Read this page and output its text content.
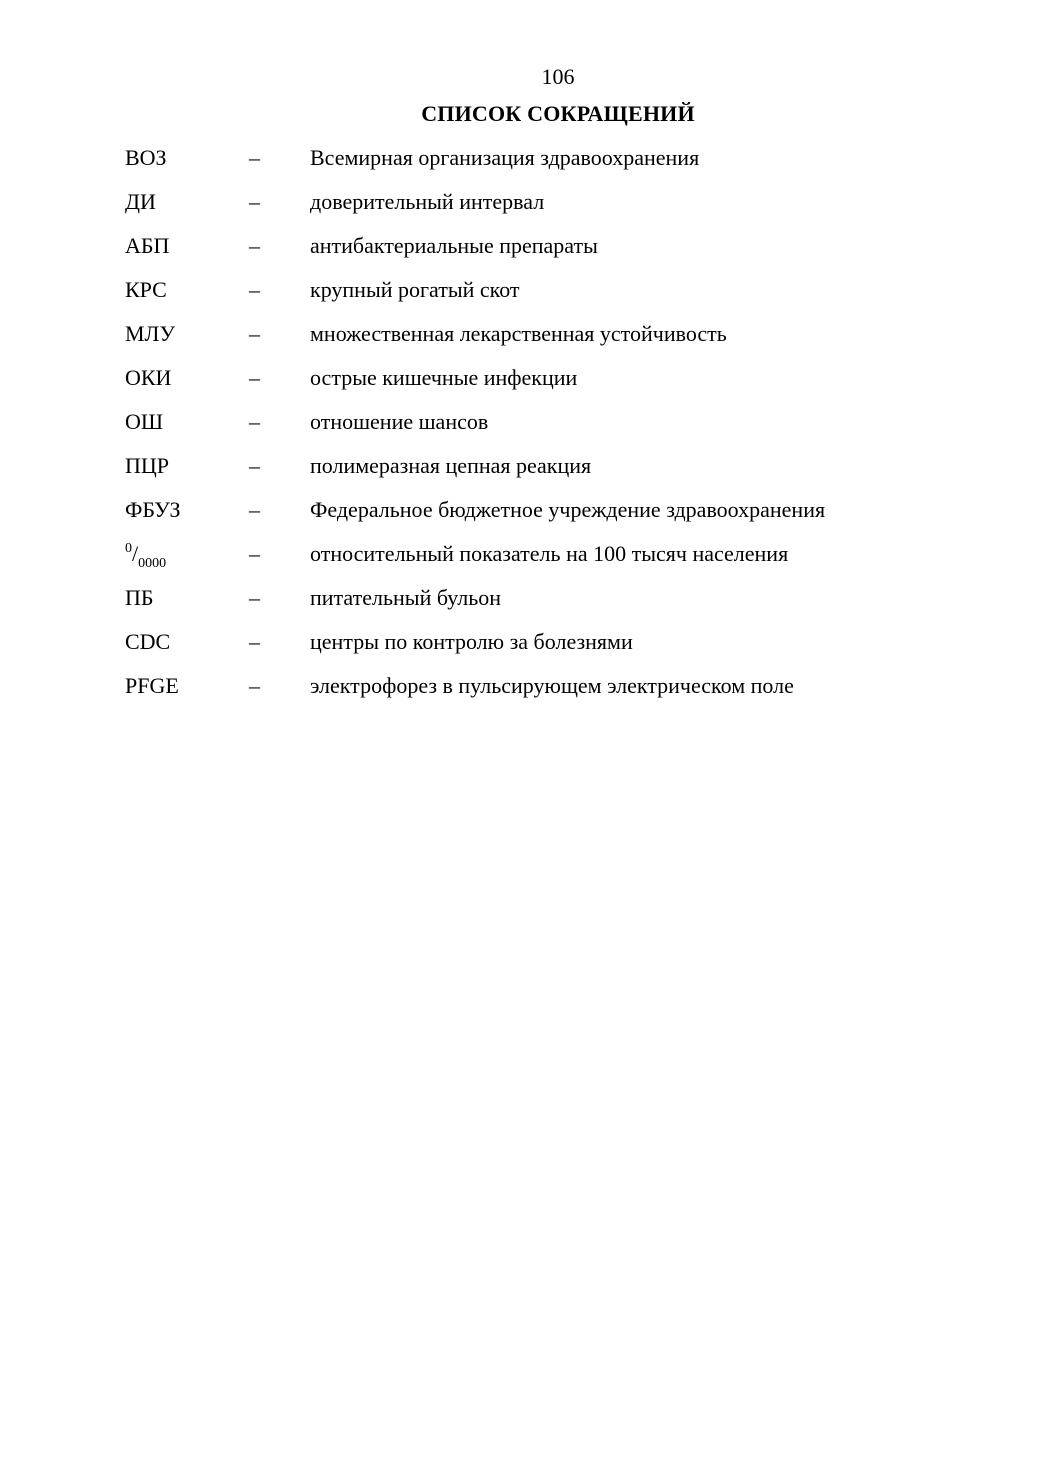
106
СПИСОК СОКРАЩЕНИЙ
ВОЗ	– Всемирная организация здравоохранения
ДИ	– доверительный интервал
АБП	– антибактериальные препараты
КРС	– крупный рогатый скот
МЛУ	– множественная лекарственная устойчивость
ОКИ	– острые кишечные инфекции
ОШ	– отношение шансов
ПЦР	– полимеразная цепная реакция
ФБУЗ	– Федеральное бюджетное учреждение здравоохранения
$^0/_{0000}$	– относительный показатель на 100 тысяч населения
ПБ	– питательный бульон
CDC	– центры по контролю за болезнями
PFGE	– электрофорез в пульсирующем электрическом поле
